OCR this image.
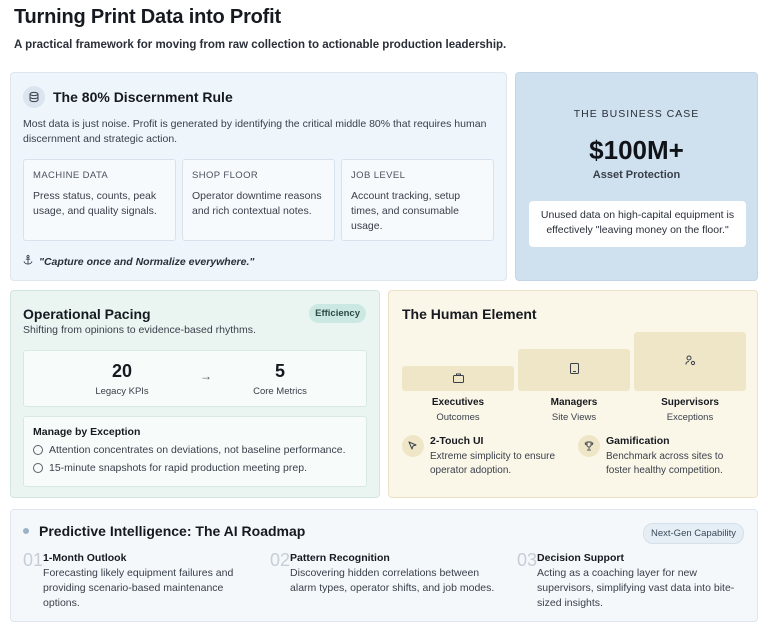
Turning Print Data into Profit
A practical framework for moving from raw collection to actionable production leadership.
The 80% Discernment Rule
Most data is just noise. Profit is generated by identifying the critical middle 80% that requires human discernment and strategic action.
MACHINE DATA
Press status, counts, peak usage, and quality signals.
SHOP FLOOR
Operator downtime reasons and rich contextual notes.
JOB LEVEL
Account tracking, setup times, and consumable usage.
"Capture once and Normalize everywhere."
THE BUSINESS CASE
$100M+
Asset Protection
Unused data on high-capital equipment is effectively "leaving money on the floor."
Operational Pacing
Shifting from opinions to evidence-based rhythms.
Efficiency
20
Legacy KPIs
→	5
Core Metrics
Manage by Exception
Attention concentrates on deviations, not baseline performance.
15-minute snapshots for rapid production meeting prep.
The Human Element
Executives
Outcomes
Managers
Site Views
Supervisors
Exceptions
2-Touch UI
Extreme simplicity to ensure operator adoption.
Gamification
Benchmark across sites to foster healthy competition.
Predictive Intelligence: The AI Roadmap	Next-Gen Capability
01 1-Month Outlook
Forecasting likely equipment failures and providing scenario-based maintenance options.
02 Pattern Recognition
Discovering hidden correlations between alarm types, operator shifts, and job modes.
03 Decision Support
Acting as a coaching layer for new supervisors, simplifying vast data into bite-sized insights.
